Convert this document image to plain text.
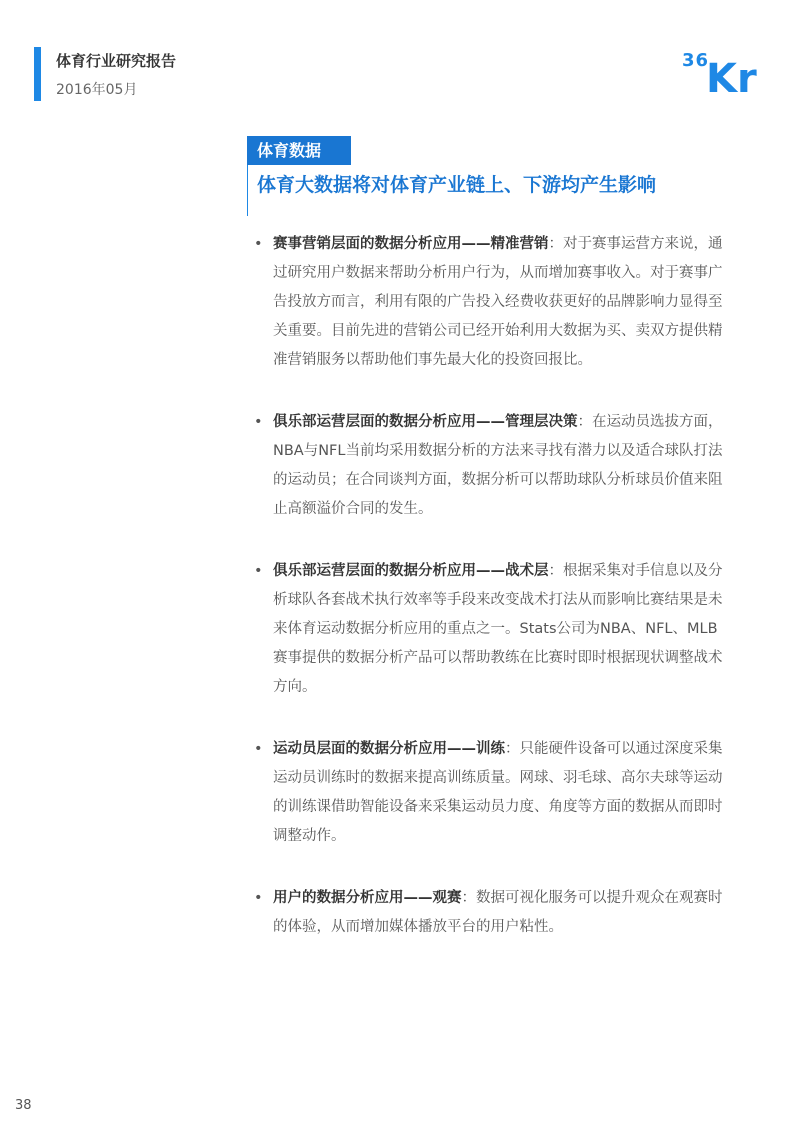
体育行业研究报告
2016年05月
36
Kr
体育数据
体育大数据将对体育产业链上、下游均产生影响
• 赛事营销层面的数据分析应用——精准营销：对于赛事运营方来说，通过研究用户数据来帮助分析用户行为，从而增加赛事收入。对于赛事广告投放方而言，利用有限的广告投入经费收获更好的品牌影响力显得至关重要。目前先进的营销公司已经开始利用大数据为买、卖双方提供精准营销服务以帮助他们事先最大化的投资回报比。
• 俱乐部运营层面的数据分析应用——管理层决策：在运动员选拔方面，NBA与NFL当前均采用数据分析的方法来寻找有潜力以及适合球队打法的运动员；在合同谈判方面，数据分析可以帮助球队分析球员价值来阻止高额溢价合同的发生。
• 俱乐部运营层面的数据分析应用——战术层：根据采集对手信息以及分析球队各套战术执行效率等手段来改变战术打法从而影响比赛结果是未来体育运动数据分析应用的重点之一。Stats公司为NBA、NFL、MLB赛事提供的数据分析产品可以帮助教练在比赛时即时根据现状调整战术方向。
• 运动员层面的数据分析应用——训练：只能硬件设备可以通过深度采集运动员训练时的数据来提高训练质量。网球、羽毛球、高尔夫球等运动的训练课借助智能设备来采集运动员力度、角度等方面的数据从而即时调整动作。
• 用户的数据分析应用——观赛：数据可视化服务可以提升观众在观赛时的体验，从而增加媒体播放平台的用户粘性。
38
